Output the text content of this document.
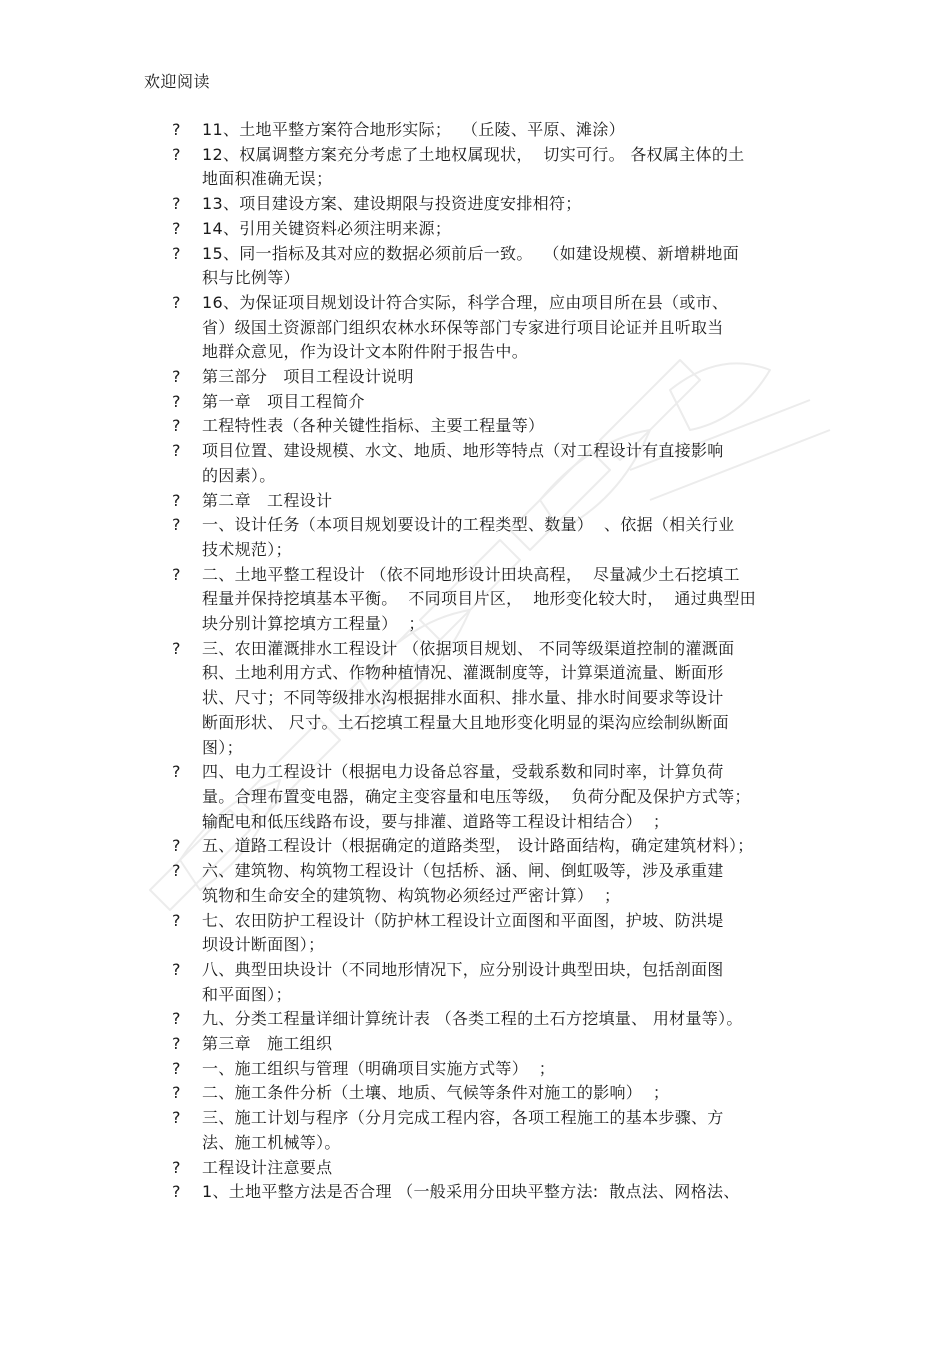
欢迎阅读
?	11、土地平整方案符合地形实际；  （丘陵、平原、滩涂）
?	12、权属调整方案充分考虑了土地权属现状，  切实可行。 各权属主体的土
地面积准确无误；
?	13、项目建设方案、建设期限与投资进度安排相符；
?	14、引用关键资料必须注明来源；
?	15、同一指标及其对应的数据必须前后一致。  （如建设规模、新增耕地面
积与比例等）
?	16、为保证项目规划设计符合实际，科学合理，应由项目所在县（或市、
省）级国土资源部门组织农林水环保等部门专家进行项目论证并且听取当
地群众意见，作为设计文本附件附于报告中。
?	第三部分   项目工程设计说明
?	第一章   项目工程简介
?	工程特性表（各种关键性指标、主要工程量等）
?	项目位置、建设规模、水文、地质、地形等特点（对工程设计有直接影响
的因素）。
?	第二章   工程设计
?	一、设计任务（本项目规划要设计的工程类型、数量）  、依据（相关行业
技术规范）；
?	二、土地平整工程设计 （依不同地形设计田块高程，  尽量减少土石挖填工
程量并保持挖填基本平衡。  不同项目片区，  地形变化较大时，  通过典型田
块分别计算挖填方工程量）  ；
?	三、农田灌溉排水工程设计 （依据项目规划、 不同等级渠道控制的灌溉面
积、土地利用方式、作物种植情况、灌溉制度等，计算渠道流量、断面形
状、尺寸；不同等级排水沟根据排水面积、排水量、排水时间要求等设计
断面形状、 尺寸。土石挖填工程量大且地形变化明显的渠沟应绘制纵断面
图）；
?	四、电力工程设计（根据电力设备总容量，受载系数和同时率，计算负荷
量。合理布置变电器，确定主变容量和电压等级，  负荷分配及保护方式等；
输配电和低压线路布设，要与排灌、道路等工程设计相结合）  ；
?	五、道路工程设计（根据确定的道路类型， 设计路面结构，确定建筑材料）；
?	六、建筑物、构筑物工程设计（包括桥、涵、闸、倒虹吸等，涉及承重建
筑物和生命安全的建筑物、构筑物必须经过严密计算）  ；
?	七、农田防护工程设计（防护林工程设计立面图和平面图，护坡、防洪堤
坝设计断面图）；
?	八、典型田块设计（不同地形情况下，应分别设计典型田块，包括剖面图
和平面图）；
?	九、分类工程量详细计算统计表 （各类工程的土石方挖填量、 用材量等）。
?	第三章   施工组织
?	一、施工组织与管理（明确项目实施方式等）  ；
?	二、施工条件分析（土壤、地质、气候等条件对施工的影响）  ；
?	三、施工计划与程序（分月完成工程内容，各项工程施工的基本步骤、方
法、施工机械等）。
?	工程设计注意要点
?	1、土地平整方法是否合理 （一般采用分田块平整方法:  散点法、网格法、
